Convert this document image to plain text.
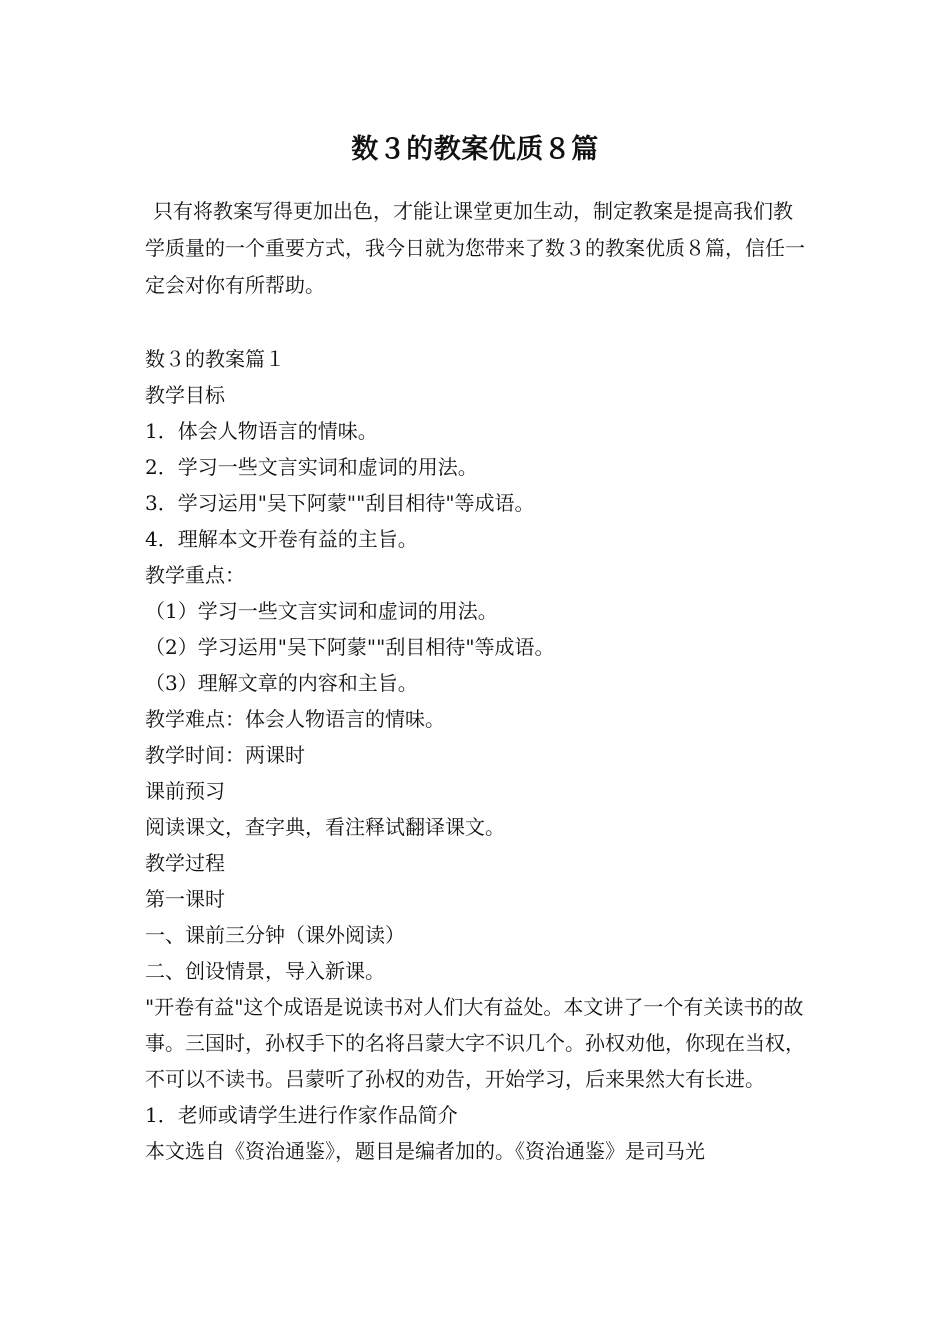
数３的教案优质８篇
只有将教案写得更加出色，才能让课堂更加生动，制定教案是提高我们教学质量的一个重要方式，我今日就为您带来了数３的教案优质８篇，信任一定会对你有所帮助。
数３的教案篇１
教学目标
1．体会人物语言的情味。
2．学习一些文言实词和虚词的用法。
3．学习运用"吴下阿蒙""刮目相待"等成语。
4．理解本文开卷有益的主旨。
教学重点：
（1）学习一些文言实词和虚词的用法。
（2）学习运用"吴下阿蒙""刮目相待"等成语。
（3）理解文章的内容和主旨。
教学难点：体会人物语言的情味。
教学时间：两课时
课前预习
阅读课文，查字典，看注释试翻译课文。
教学过程
第一课时
一、课前三分钟（课外阅读）
二、创设情景，导入新课。
"开卷有益"这个成语是说读书对人们大有益处。本文讲了一个有关读书的故事。三国时，孙权手下的名将吕蒙大字不识几个。孙权劝他，你现在当权，不可以不读书。吕蒙听了孙权的劝告，开始学习，后来果然大有长进。
1．老师或请学生进行作家作品简介
本文选自《资治通鉴》，题目是编者加的。《资治通鉴》是司马光
